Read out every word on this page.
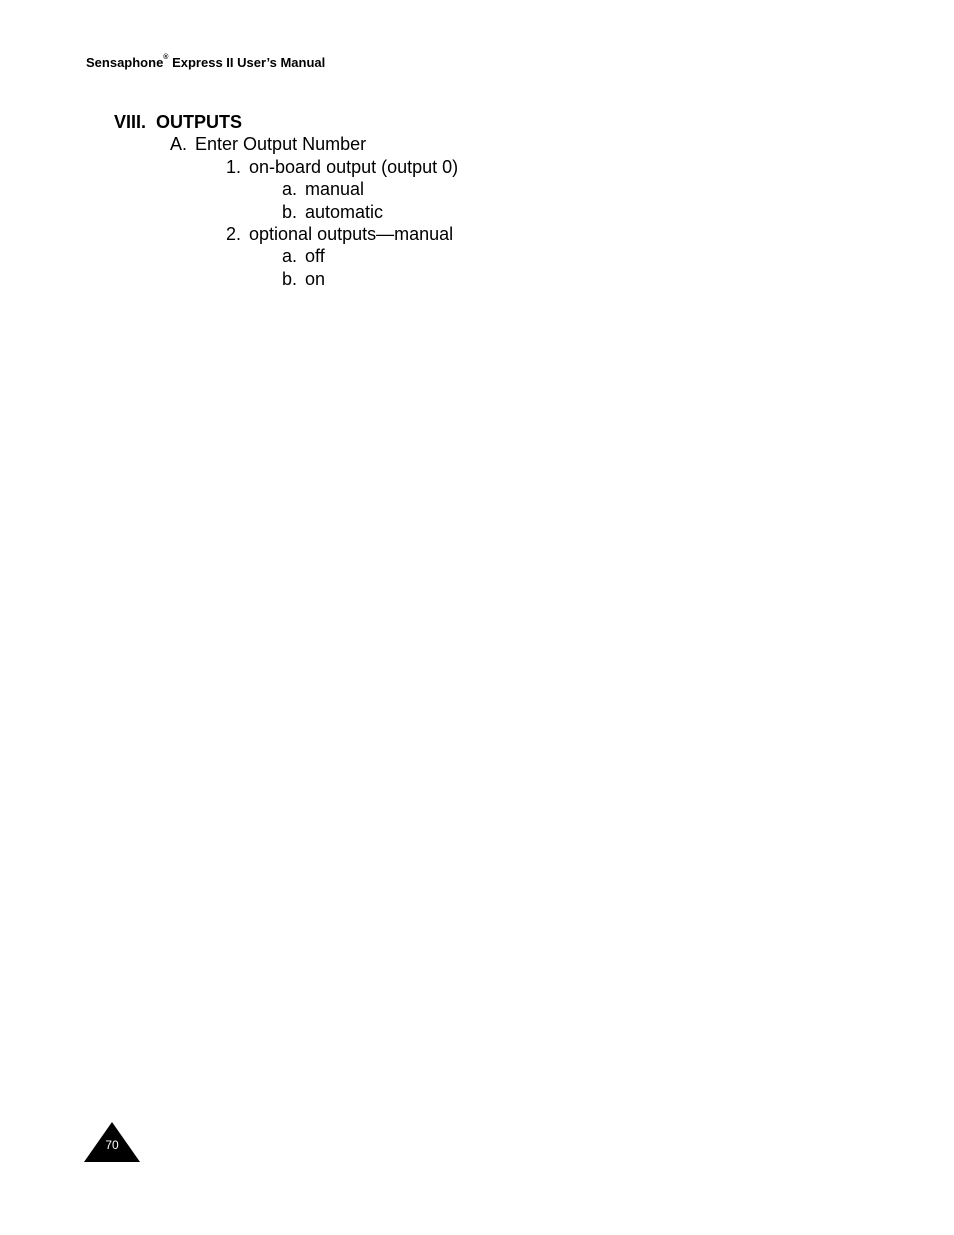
Sensaphone® Express II User’s Manual
VIII. OUTPUTS
A. Enter Output Number
1. on-board output (output 0)
a. manual
b. automatic
2. optional outputs—manual
a. off
b. on
70
